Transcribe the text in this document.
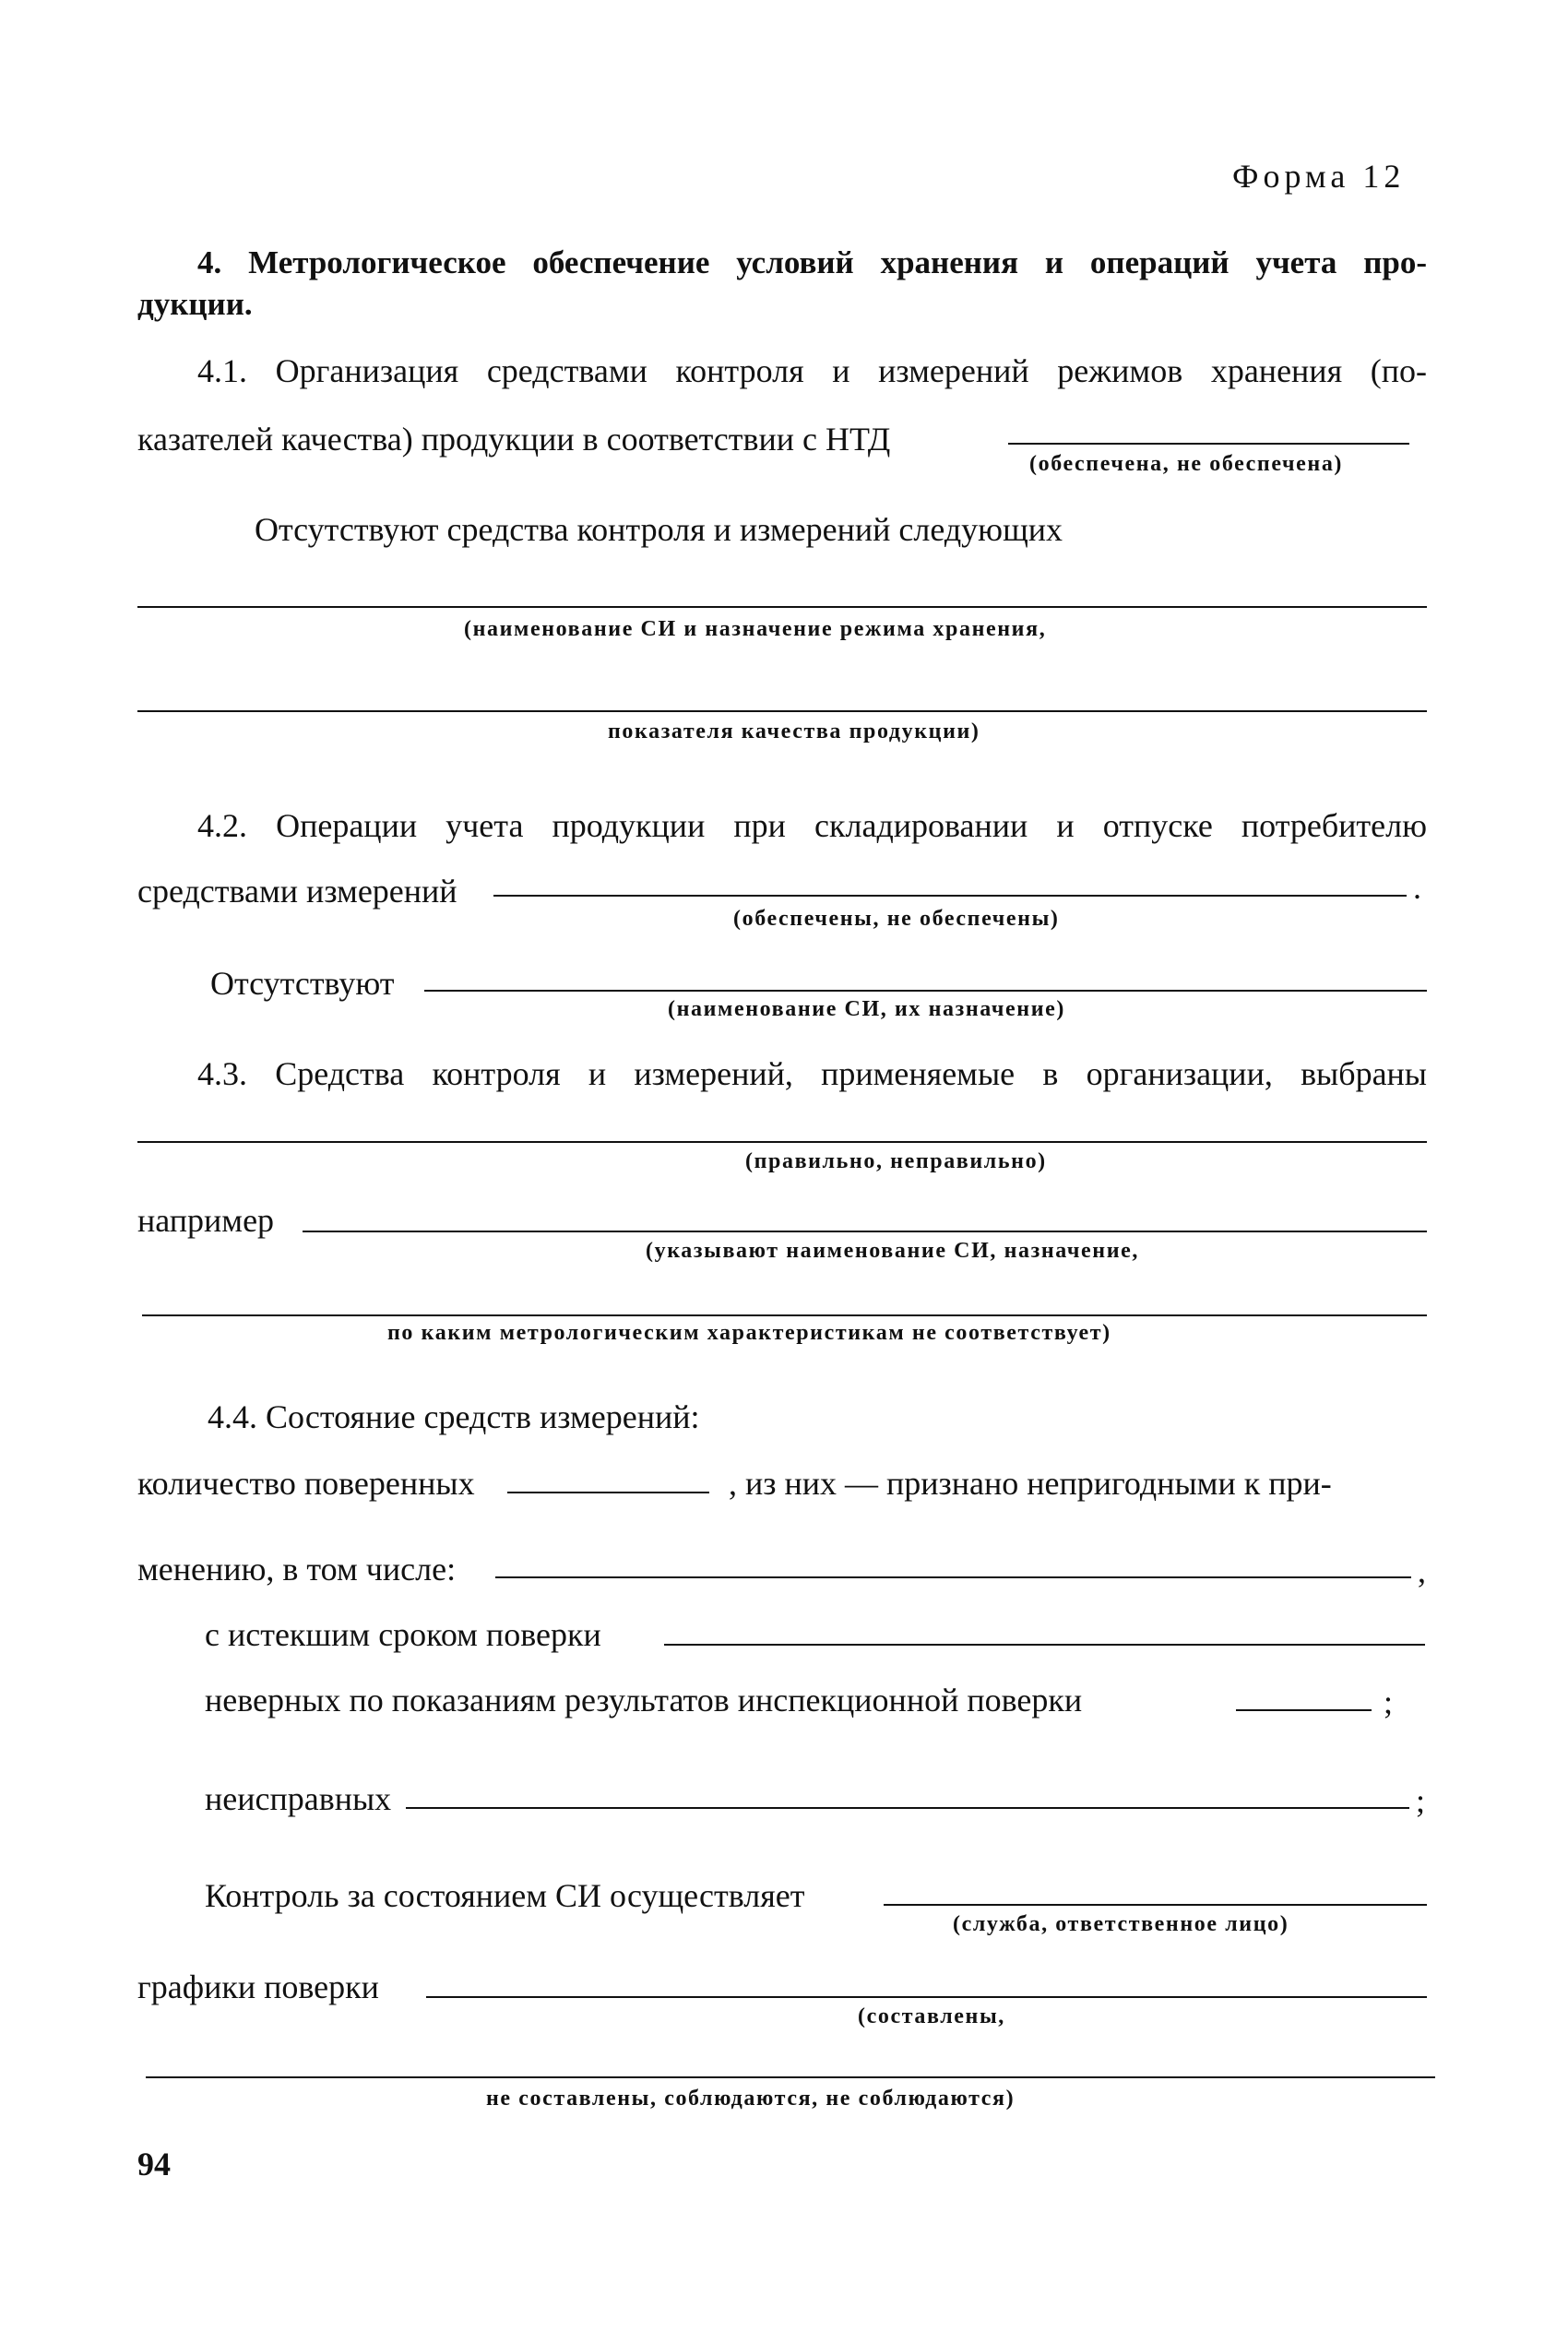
Форма 12
4. Метрологическое обеспечение условий хранения и операций учета про-
дукции.
4.1. Организация средствами контроля и измерений режимов хранения (по-
казателей качества) продукции в соответствии с НТД
(обеспечена, не обеспечена)
Отсутствуют средства контроля и измерений следующих
(наименование СИ и назначение режима хранения,
показателя качества продукции)
4.2. Операции учета продукции при складировании и отпуске потребителю
средствами измерений	.
(обеспечены, не обеспечены)
Отсутствуют
(наименование СИ, их назначение)
4.3. Средства контроля и измерений, применяемые в организации, выбраны
(правильно, неправильно)
например
(указывают наименование СИ, назначение,
по каким метрологическим характеристикам не соответствует)
4.4. Состояние средств измерений:
количество поверенных	, из них — признано непригодными к при-
менению, в том числе:	,
с истекшим сроком поверки
неверных по показаниям результатов инспекционной поверки	;
неисправных	;
Контроль за состоянием СИ осуществляет
(служба, ответственное лицо)
графики поверки
(составлены,
не составлены, соблюдаются, не соблюдаются)
94
